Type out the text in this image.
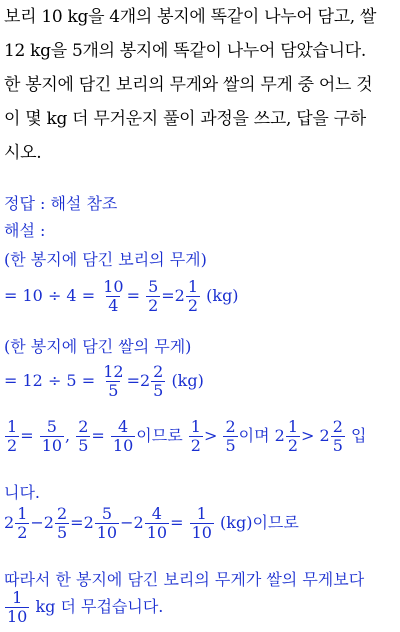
보리 10 kg을 4개의 봉지에 똑같이 나누어 담고, 쌀
12 kg을 5개의 봉지에 똑같이 나누어 담았습니다.
한 봉지에 담긴 보리의 무게와 쌀의 무게 중 어느 것
이 몇 kg 더 무거운지 풀이 과정을 쓰고, 답을 구하
시오.
정답 : 해설 참조
해설 :
(한 봉지에 담긴 보리의 무게)
= $10 \div 4 = \frac{10}{4} = \frac{5}{2} =2 \frac{1}{2} (kg)$
(한 봉지에 담긴 쌀의 무게)
= $12 \div 5 = \frac{12}{5} =2 \frac{2}{5} (kg)$
$\frac{1}{2} = \frac{5}{10}$ , $\frac{2}{5} = \frac{4}{10}$ 이므로 $\frac{1}{2} > \frac{2}{5}$ 이며 $2 \frac{1}{2} > 2 \frac{2}{5}$ 입
니다.
$2 \frac{1}{2} -2 \frac{2}{5} =2 \frac{5}{10} -2 \frac{4}{10} = \frac{1}{10} (kg)$이므로
따라서 한 봉지에 담긴 보리의 무게가 쌀의 무게보다
$\frac{1}{10}$ kg 더 무겁습니다.
